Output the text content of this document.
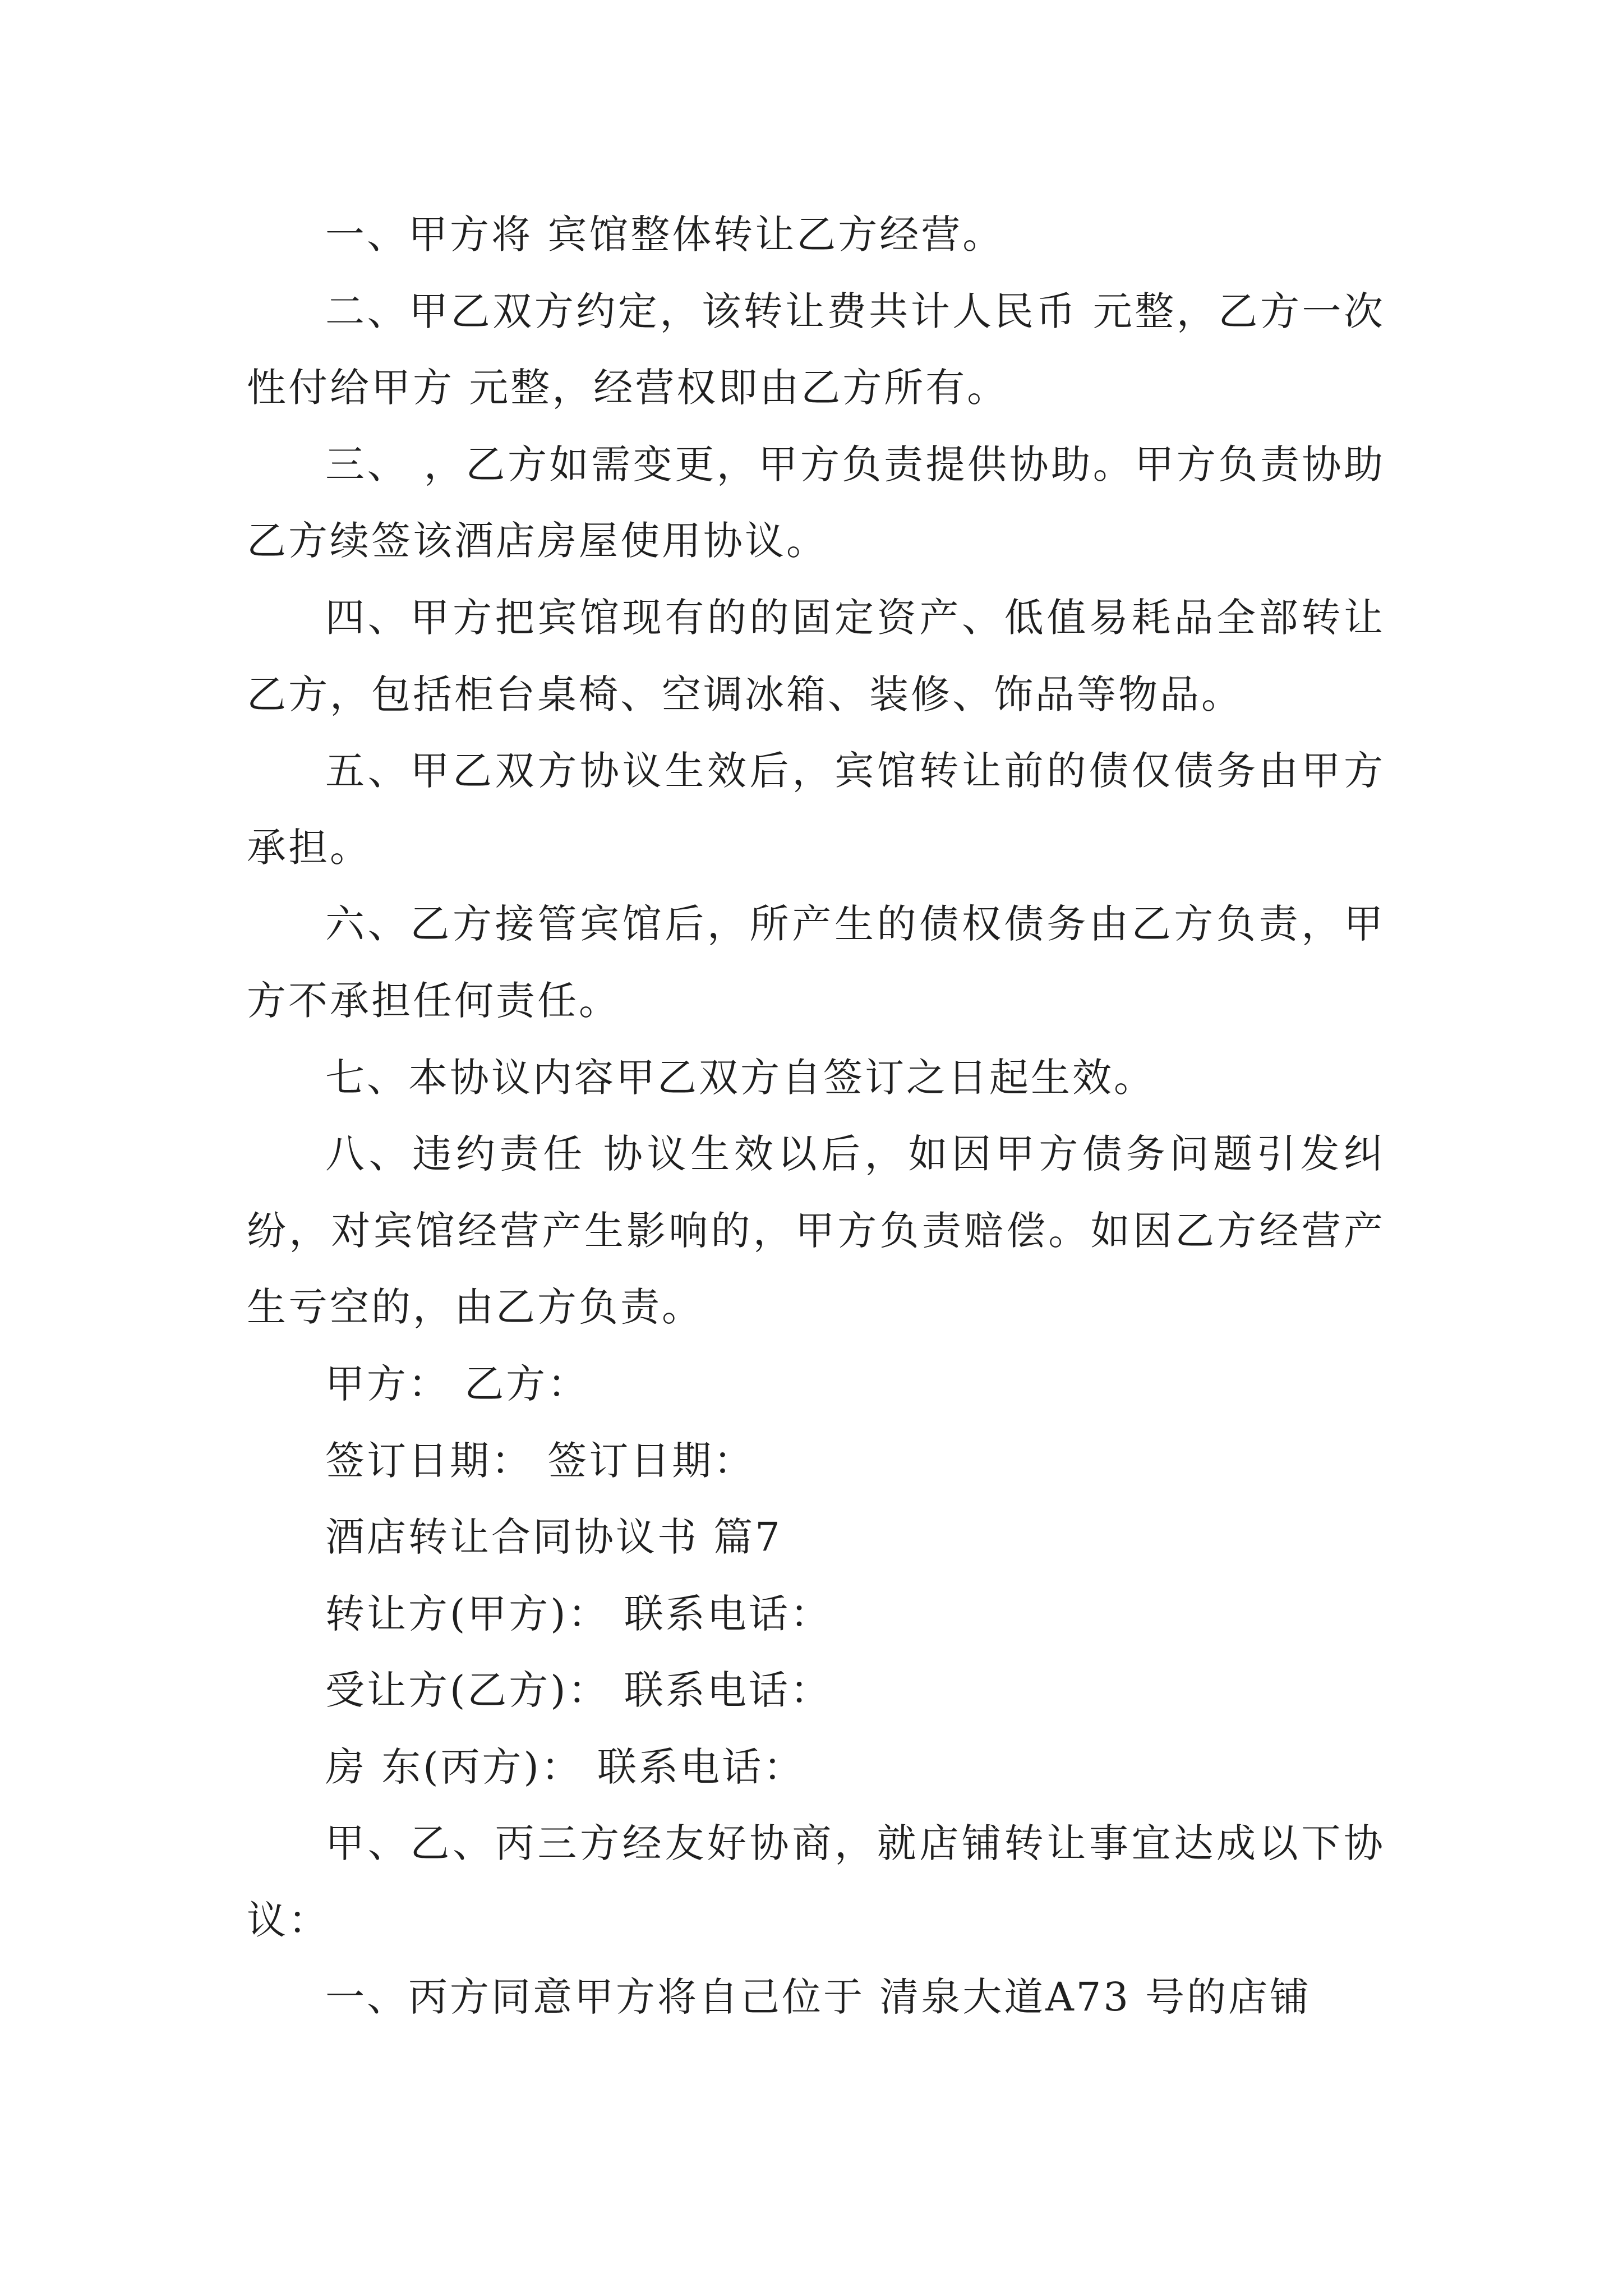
一、甲方将 宾馆整体转让乙方经营。

二、甲乙双方约定，该转让费共计人民币 元整，乙方一次性付给甲方 元整，经营权即由乙方所有。

三、 ，乙方如需变更，甲方负责提供协助。甲方负责协助乙方续签该酒店房屋使用协议。

四、甲方把宾馆现有的的固定资产、低值易耗品全部转让乙方，包括柜台桌椅、空调冰箱、装修、饰品等物品。

五、甲乙双方协议生效后，宾馆转让前的债仅债务由甲方承担。

六、乙方接管宾馆后，所产生的债权债务由乙方负责，甲方不承担任何责任。

七、本协议内容甲乙双方自签订之日起生效。

八、违约责任 协议生效以后，如因甲方债务问题引发纠纷，对宾馆经营产生影响的，甲方负责赔偿。如因乙方经营产生亏空的，由乙方负责。

甲方： 乙方：

签订日期： 签订日期：

酒店转让合同协议书 篇7

转让方(甲方)： 联系电话：

受让方(乙方)： 联系电话：

房 东(丙方)： 联系电话：

甲、乙、丙三方经友好协商，就店铺转让事宜达成以下协议：

一、丙方同意甲方将自己位于 清泉大道A73 号的店铺
